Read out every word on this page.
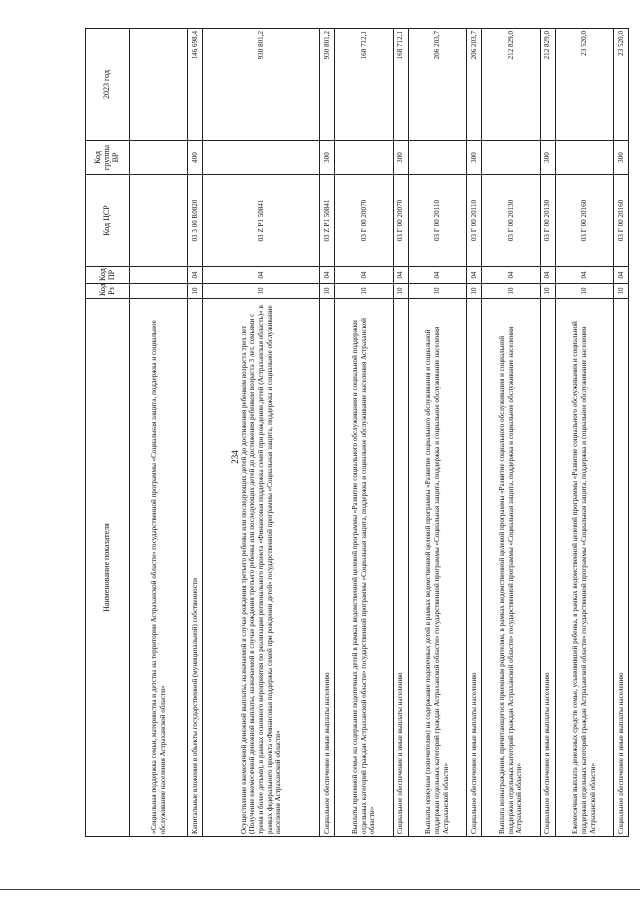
234
Наименование показателя	Код Рз	Код ПР	Код ЦСР	Код группы ВР	2023 год
«Социальная поддержка семьи, материнства и детства на территории Астраханской области» государственной программы «Социальная защита, поддержка и социальное обслуживание населения Астраханской области»					
Капитальные вложения в объекты государственной (муниципальной) собственности	10	04	03 3 00 R0820	400	146 698,4
Осуществление ежемесячной денежной выплаты, назначаемой в случае рождения третьего ребенка или последующих детей до достижения ребенком возраста трех лет (Получение ежемесячной денежной выплаты, назначаемой в случае рождения третьего ребенка или последующих детей до достижения ребенком возраста 3 лет, семьями с тремя и более детьми), в рамках основного мероприятия по реализации регионального проекта «Финансовая поддержка семей при рождении детей (Астраханская область)» в рамках федерального проекта «Финансовая поддержка семей при рождении детей» государственной программы «Социальная защита, поддержка и социальное обслуживание населения Астраханской области»	10	04	03 Z P1 50841		930 801,2
Социальное обеспечение и иные выплаты населению	10	04	03 Z P1 50841	300	930 801,2
Выплаты приемной семье на содержание подопечных детей в рамках ведомственной целевой программы «Развитие социального обслуживания и социальной поддержки отдельных категорий граждан Астраханской области» государственной программы «Социальная защита, поддержка и социальное обслуживание населения Астраханской области»	10	04	03 Г 00 20070		168 712,1
Социальное обеспечение и иные выплаты населению	10	04	03 Г 00 20070	300	168 712,1
Выплаты опекунам (попечителям) на содержание подопечных детей в рамках ведомственной целевой программы «Развитие социального обслуживания и социальной поддержки отдельных категорий граждан Астраханской области» государственной программы «Социальная защита, поддержка и социальное обслуживание населения Астраханской области»	10	04	03 Г 00 20110		206 203,7
Социальное обеспечение и иные выплаты населению	10	04	03 Г 00 20110	300	206 203,7
Выплата вознаграждения, причитающегося приемным родителям, в рамках ведомственной целевой программы «Развитие социального обслуживания и социальной поддержки отдельных категорий граждан Астраханской области» государственной программы «Социальная защита, поддержка и социальное обслуживание населения Астраханской области»	10	04	03 Г 00 20130		212 829,0
Социальное обеспечение и иные выплаты населению	10	04	03 Г 00 20130	300	212 829,0
Ежемесячная выплата денежных средств семье, усыновившей ребенка, в рамках ведомственной целевой программы «Развитие социального обслуживания и социальной поддержки отдельных категорий граждан Астраханской области» государственной программы «Социальная защита, поддержка и социальное обслуживание населения Астраханской области»	10	04	03 Г 00 20160		23 520,0
Социальное обеспечение и иные выплаты населению	10	04	03 Г 00 20160	300	23 520,0
